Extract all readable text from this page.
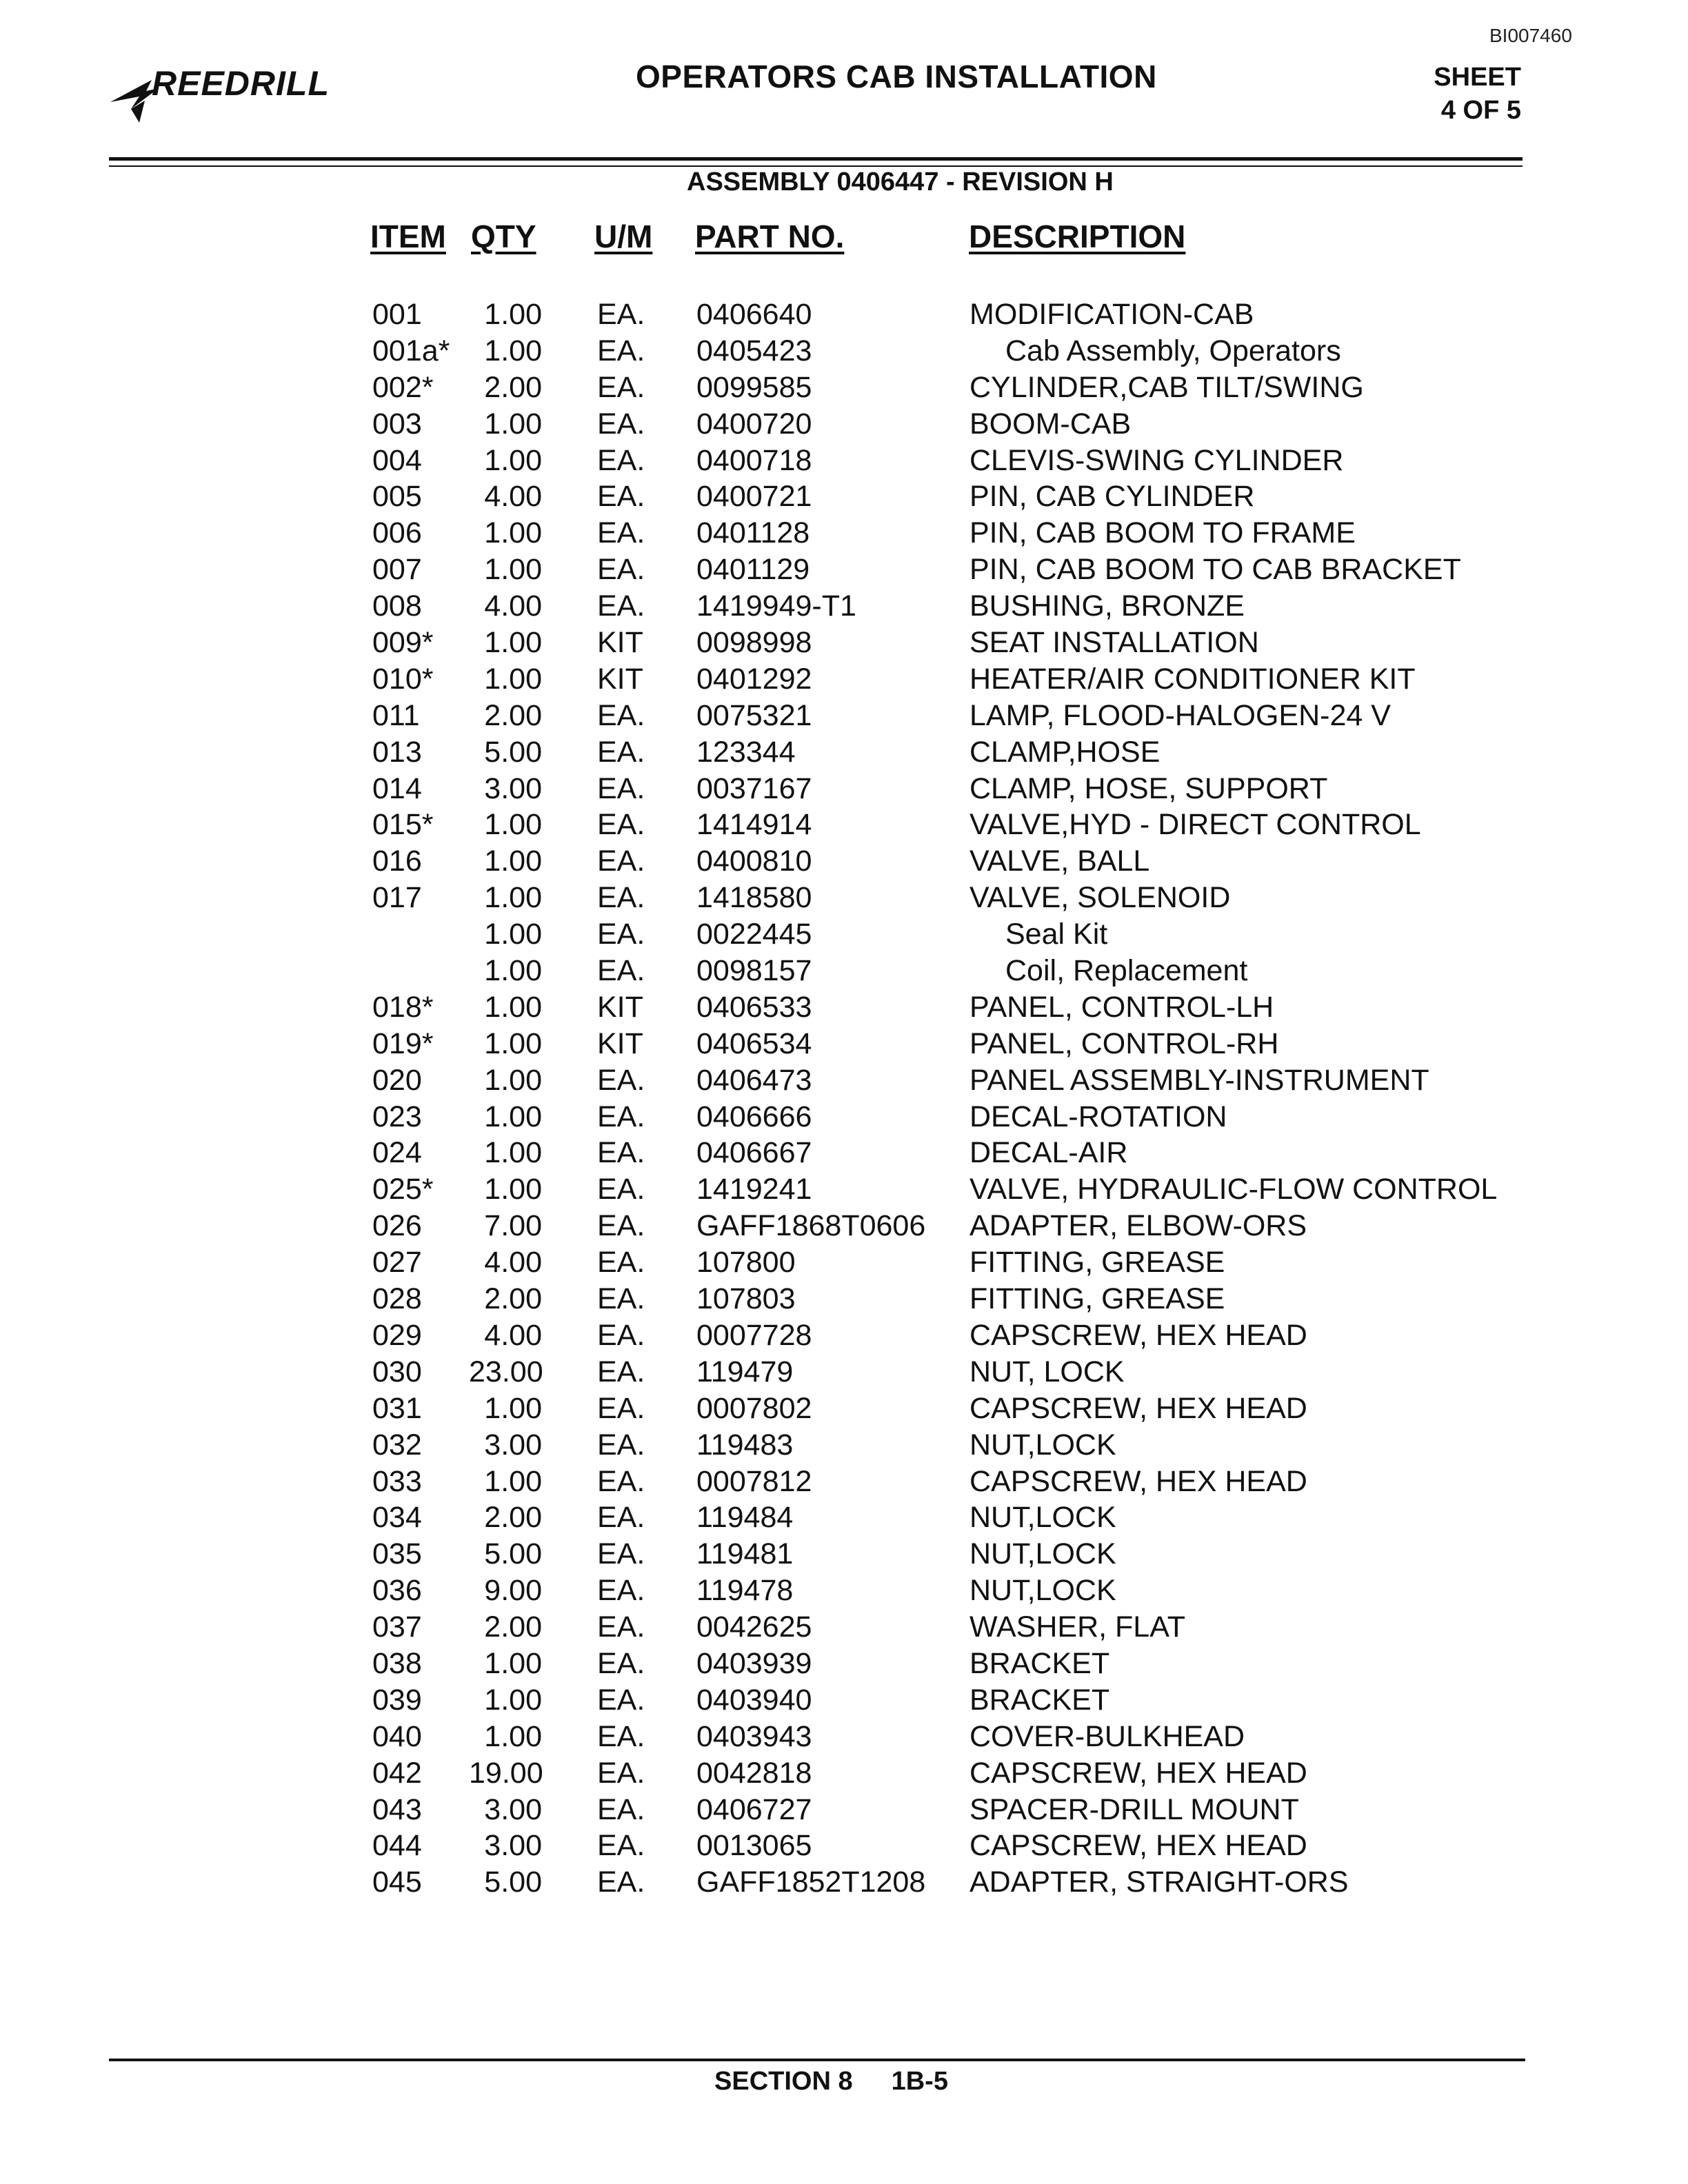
BI007460
REEDRILL	OPERATORS CAB INSTALLATION	SHEET
4 OF 5
ASSEMBLY 0406447 - REVISION H
ITEM QTY U/M PART NO.	DESCRIPTION
001	1.00 EA. 0406640	MODIFICATION-CAB
001a*	1.00 EA. 0405423	Cab Assembly, Operators
002*	2.00 EA. 0099585	CYLINDER,CAB TILT/SWING
003	1.00 EA. 0400720	BOOM-CAB
004	1.00 EA. 0400718	CLEVIS-SWING CYLINDER
005	4.00 EA. 0400721	PIN, CAB CYLINDER
006	1.00 EA. 0401128	PIN, CAB BOOM TO FRAME
007	1.00 EA. 0401129	PIN, CAB BOOM TO CAB BRACKET
008	4.00 EA. 1419949-T1	BUSHING, BRONZE
009*	1.00 KIT 0098998	SEAT INSTALLATION
010*	1.00 KIT 0401292	HEATER/AIR CONDITIONER KIT
011	2.00 EA. 0075321	LAMP, FLOOD-HALOGEN-24 V
013	5.00 EA. 123344	CLAMP,HOSE
014	3.00 EA. 0037167	CLAMP, HOSE, SUPPORT
015*	1.00 EA. 1414914	VALVE,HYD - DIRECT CONTROL
016	1.00 EA. 0400810	VALVE, BALL
017	1.00 EA. 1418580	VALVE, SOLENOID
1.00 EA. 0022445	Seal Kit
1.00 EA. 0098157	Coil, Replacement
018*	1.00 KIT 0406533	PANEL, CONTROL-LH
019*	1.00 KIT 0406534	PANEL, CONTROL-RH
020	1.00 EA. 0406473	PANEL ASSEMBLY-INSTRUMENT
023	1.00 EA. 0406666	DECAL-ROTATION
024	1.00 EA. 0406667	DECAL-AIR
025*	1.00 EA. 1419241	VALVE, HYDRAULIC-FLOW CONTROL
026	7.00 EA. GAFF1868T0606 ADAPTER, ELBOW-ORS
027	4.00 EA. 107800	FITTING, GREASE
028	2.00 EA. 107803	FITTING, GREASE
029	4.00 EA. 0007728	CAPSCREW, HEX HEAD
030 23.00 EA. 119479	NUT, LOCK
031	1.00 EA. 0007802	CAPSCREW, HEX HEAD
032	3.00 EA. 119483	NUT,LOCK
033	1.00 EA. 0007812	CAPSCREW, HEX HEAD
034	2.00 EA. 119484	NUT,LOCK
035	5.00 EA. 119481	NUT,LOCK
036	9.00 EA. 119478	NUT,LOCK
037	2.00 EA. 0042625	WASHER, FLAT
038	1.00 EA. 0403939	BRACKET
039	1.00 EA. 0403940	BRACKET
040	1.00 EA. 0403943	COVER-BULKHEAD
042 19.00 EA. 0042818	CAPSCREW, HEX HEAD
043	3.00 EA. 0406727	SPACER-DRILL MOUNT
044	3.00 EA. 0013065	CAPSCREW, HEX HEAD
045	5.00 EA. GAFF1852T1208 ADAPTER, STRAIGHT-ORS
SECTION 8 1B-5
